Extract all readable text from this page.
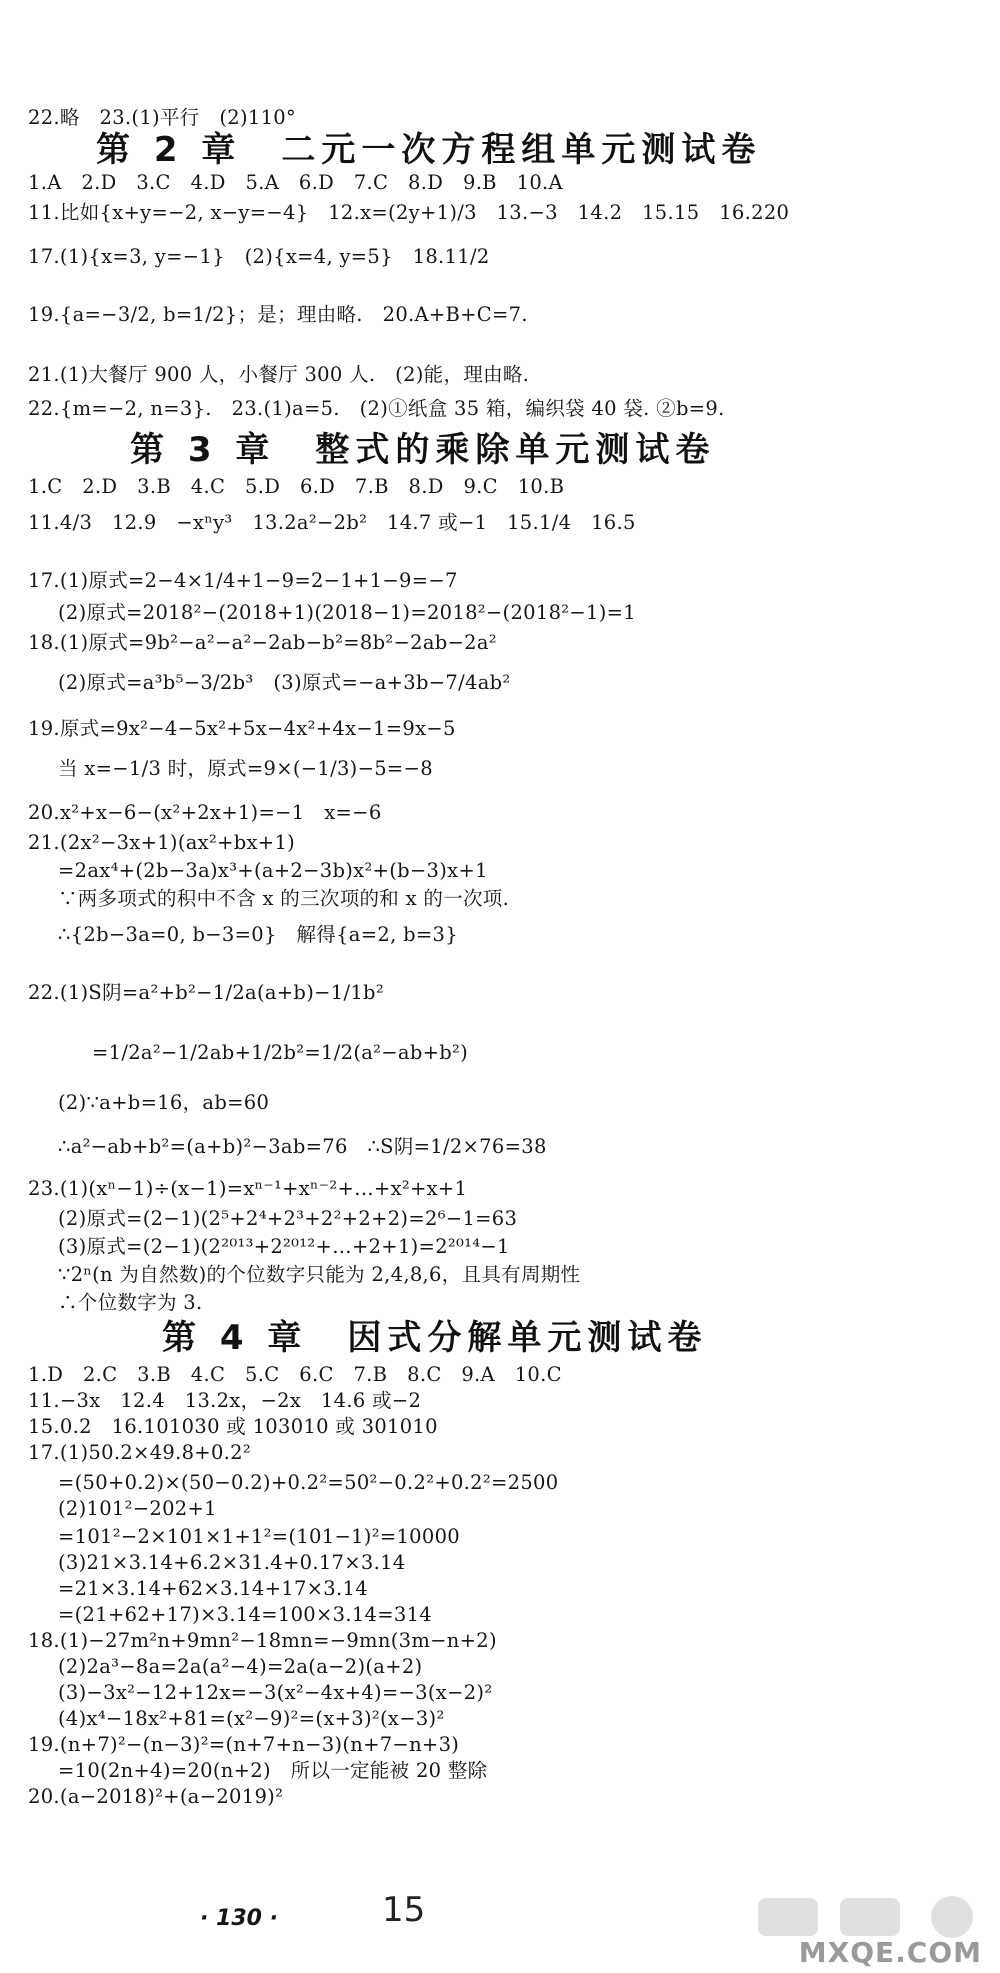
22.略　23.(1)平行　(2)110°
第 2 章　二元一次方程组单元测试卷
1.A　2.D　3.C　4.D　5.A　6.D　7.C　8.D　9.B　10.A
11.比如{x+y=−2, x−y=−4}　12.x=(2y+1)/3　13.−3　14.2　15.15　16.220
17.(1){x=3, y=−1}　(2){x=4, y=5}　18.11/2
19.{a=−3/2, b=1/2}；是；理由略.　20.A+B+C=7.
21.(1)大餐厅 900 人，小餐厅 300 人.　(2)能，理由略.
22.{m=−2, n=3}.　23.(1)a=5.　(2)①纸盒 35 箱，编织袋 40 袋. ②b=9.
第 3 章　整式的乘除单元测试卷
1.C　2.D　3.B　4.C　5.D　6.D　7.B　8.D　9.C　10.B
11.4/3　12.9　−xⁿy³　13.2a²−2b²　14.7 或−1　15.1/4　16.5
17.(1)原式=2−4×1/4+1−9=2−1+1−9=−7
(2)原式=2018²−(2018+1)(2018−1)=2018²−(2018²−1)=1
18.(1)原式=9b²−a²−a²−2ab−b²=8b²−2ab−2a²
(2)原式=a³b⁵−3/2b³　(3)原式=−a+3b−7/4ab²
19.原式=9x²−4−5x²+5x−4x²+4x−1=9x−5
当 x=−1/3 时，原式=9×(−1/3)−5=−8
20.x²+x−6−(x²+2x+1)=−1　x=−6
21.(2x²−3x+1)(ax²+bx+1)
=2ax⁴+(2b−3a)x³+(a+2−3b)x²+(b−3)x+1
∵两多项式的积中不含 x 的三次项的和 x 的一次项.
∴{2b−3a=0, b−3=0}　解得{a=2, b=3}
22.(1)S阴=a²+b²−1/2a(a+b)−1/1b²
=1/2a²−1/2ab+1/2b²=1/2(a²−ab+b²)
(2)∵a+b=16，ab=60
∴a²−ab+b²=(a+b)²−3ab=76　∴S阴=1/2×76=38
23.(1)(xⁿ−1)÷(x−1)=xⁿ⁻¹+xⁿ⁻²+…+x²+x+1
(2)原式=(2−1)(2⁵+2⁴+2³+2²+2+2)=2⁶−1=63
(3)原式=(2−1)(2²⁰¹³+2²⁰¹²+…+2+1)=2²⁰¹⁴−1
∵2ⁿ(n 为自然数)的个位数字只能为 2,4,8,6，且具有周期性
∴个位数字为 3.
第 4 章　因式分解单元测试卷
1.D　2.C　3.B　4.C　5.C　6.C　7.B　8.C　9.A　10.C
11.−3x　12.4　13.2x，−2x　14.6 或−2
15.0.2　16.101030 或 103010 或 301010
17.(1)50.2×49.8+0.2²
=(50+0.2)×(50−0.2)+0.2²=50²−0.2²+0.2²=2500
(2)101²−202+1
=101²−2×101×1+1²=(101−1)²=10000
(3)21×3.14+6.2×31.4+0.17×3.14
=21×3.14+62×3.14+17×3.14
=(21+62+17)×3.14=100×3.14=314
18.(1)−27m²n+9mn²−18mn=−9mn(3m−n+2)
(2)2a³−8a=2a(a²−4)=2a(a−2)(a+2)
(3)−3x²−12+12x=−3(x²−4x+4)=−3(x−2)²
(4)x⁴−18x²+81=(x²−9)²=(x+3)²(x−3)²
19.(n+7)²−(n−3)²=(n+7+n−3)(n+7−n+3)
=10(2n+4)=20(n+2)　所以一定能被 20 整除
20.(a−2018)²+(a−2019)²
· 130 ·	15
MXQE.COM
